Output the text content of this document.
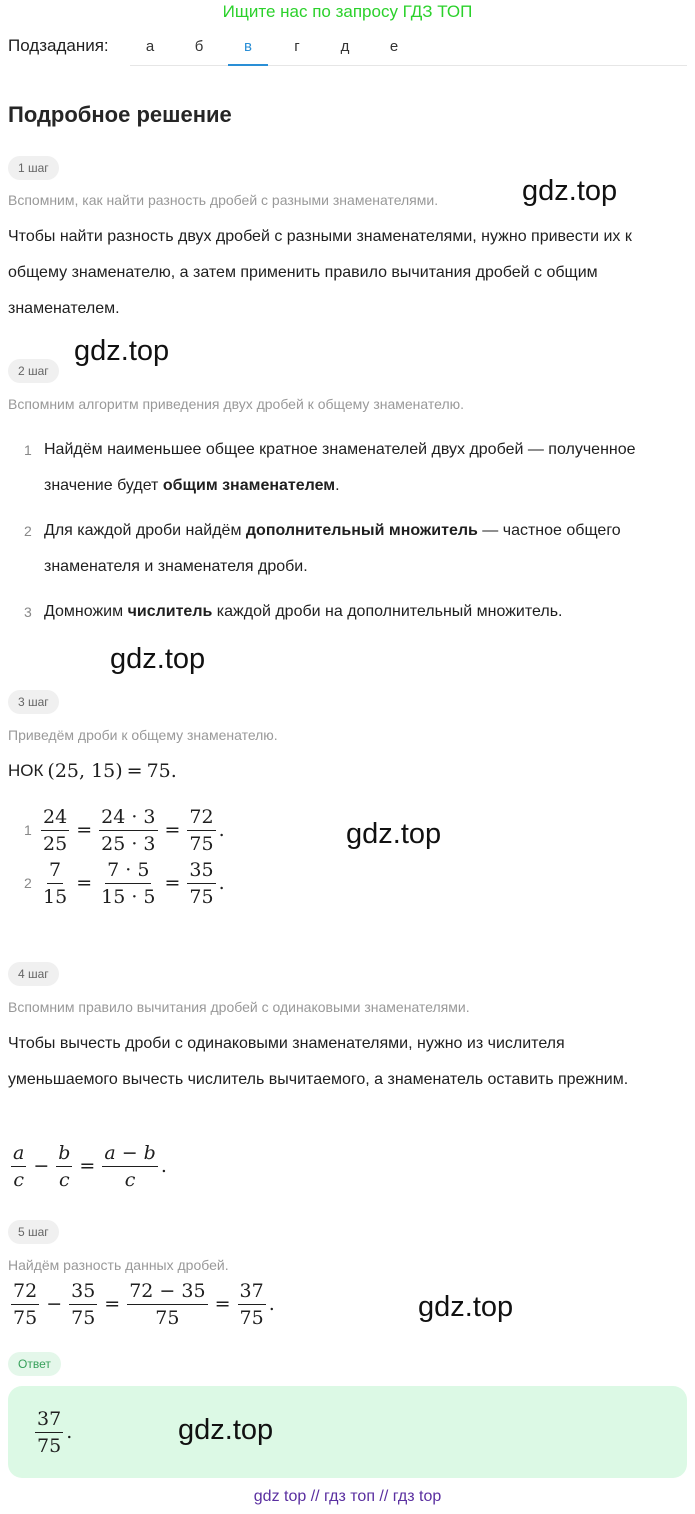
Ищите нас по запросу ГДЗ ТОП
Подзадания:	а	б	в	г	д	е
Подробное решение
1 шаг
Вспомним, как найти разность дробей с разными знаменателями.	gdz.top
Чтобы найти разность двух дробей с разными знаменателями, нужно привести их к общему знаменателю, а затем применить правило вычитания дробей с общим знаменателем.
2 шаг
gdz.top
Вспомним алгоритм приведения двух дробей к общему знаменателю.
1 Найдём наименьшее общее кратное знаменателей двух дробей — полученное значение будет общим знаменателем.
2 Для каждой дроби найдём дополнительный множитель — частное общего знаменателя и знаменателя дроби.
3 Домножим числитель каждой дроби на дополнительный множитель.
gdz.top
3 шаг
Приведём дроби к общему знаменателю.
НОК (25, 15) = 75 .
$1 \frac{24}{25} = \frac{24 \cdot 3}{25 \cdot 3} = \frac{72}{75}$ .
$2 \frac{7}{15} = \frac{7 \cdot 5}{15 \cdot 5} = \frac{35}{75}$ .
gdz.top
4 шаг
Вспомним правило вычитания дробей с одинаковыми знаменателями.
Чтобы вычесть дроби с одинаковыми знаменателями, нужно из числителя уменьшаемого вычесть числитель вычитаемого, а знаменатель оставить прежним.
$\frac{a}{c} - \frac{b}{c} = \frac{a - b}{c}$ .
5 шаг
Найдём разность данных дробей.
$\frac{72}{75} - \frac{35}{75} = \frac{72 - 35}{75} = \frac{37}{75}$ .	gdz.top
Ответ
$\frac{37}{75}$ .	gdz.top
gdz top // гдз топ // гдз top
